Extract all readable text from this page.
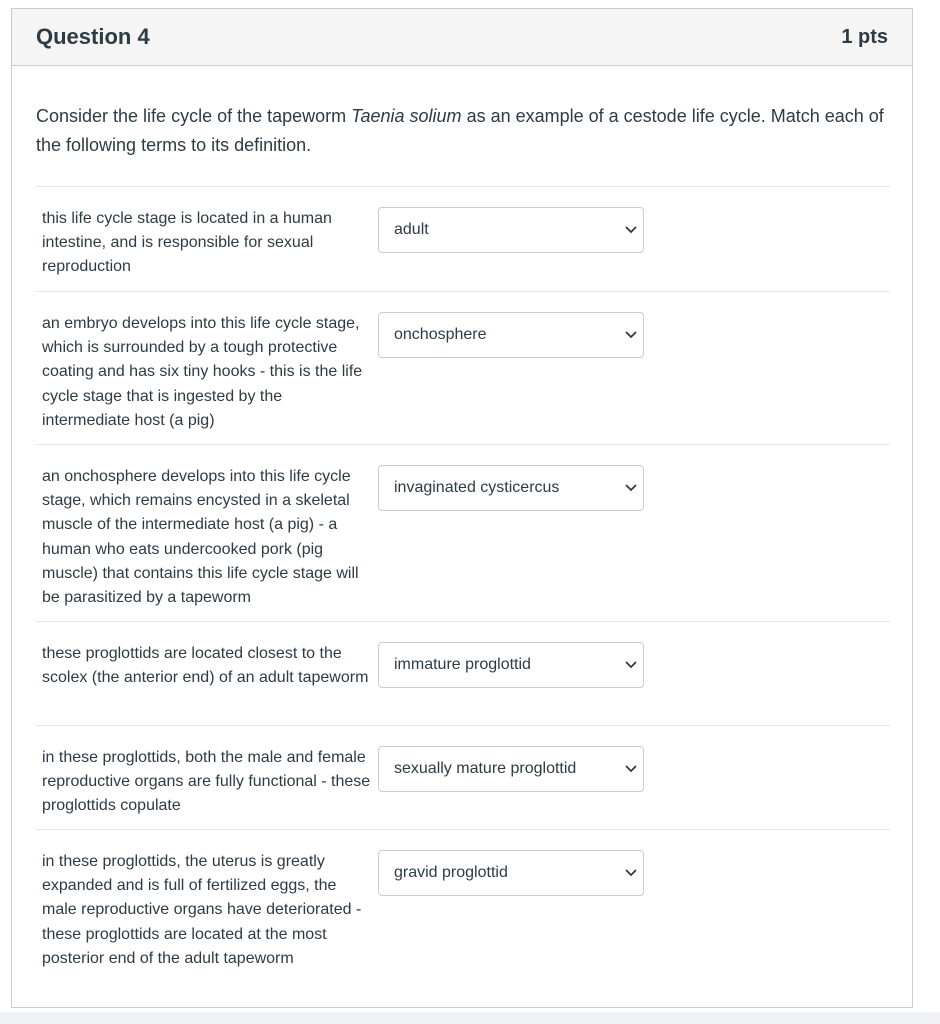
Question 4	1 pts
Consider the life cycle of the tapeworm Taenia solium as an example of a cestode life cycle. Match each of the following terms to its definition.
this life cycle stage is located in a human intestine, and is responsible for sexual reproduction
adult
an embryo develops into this life cycle stage, which is surrounded by a tough protective coating and has six tiny hooks - this is the life cycle stage that is ingested by the intermediate host (a pig)
onchosphere
an onchosphere develops into this life cycle stage, which remains encysted in a skeletal muscle of the intermediate host (a pig) - a human who eats undercooked pork (pig muscle) that contains this life cycle stage will be parasitized by a tapeworm
invaginated cysticercus
these proglottids are located closest to the scolex (the anterior end) of an adult tapeworm
immature proglottid
in these proglottids, both the male and female reproductive organs are fully functional - these proglottids copulate
sexually mature proglottid
in these proglottids, the uterus is greatly expanded and is full of fertilized eggs, the male reproductive organs have deteriorated - these proglottids are located at the most posterior end of the adult tapeworm
gravid proglottid
